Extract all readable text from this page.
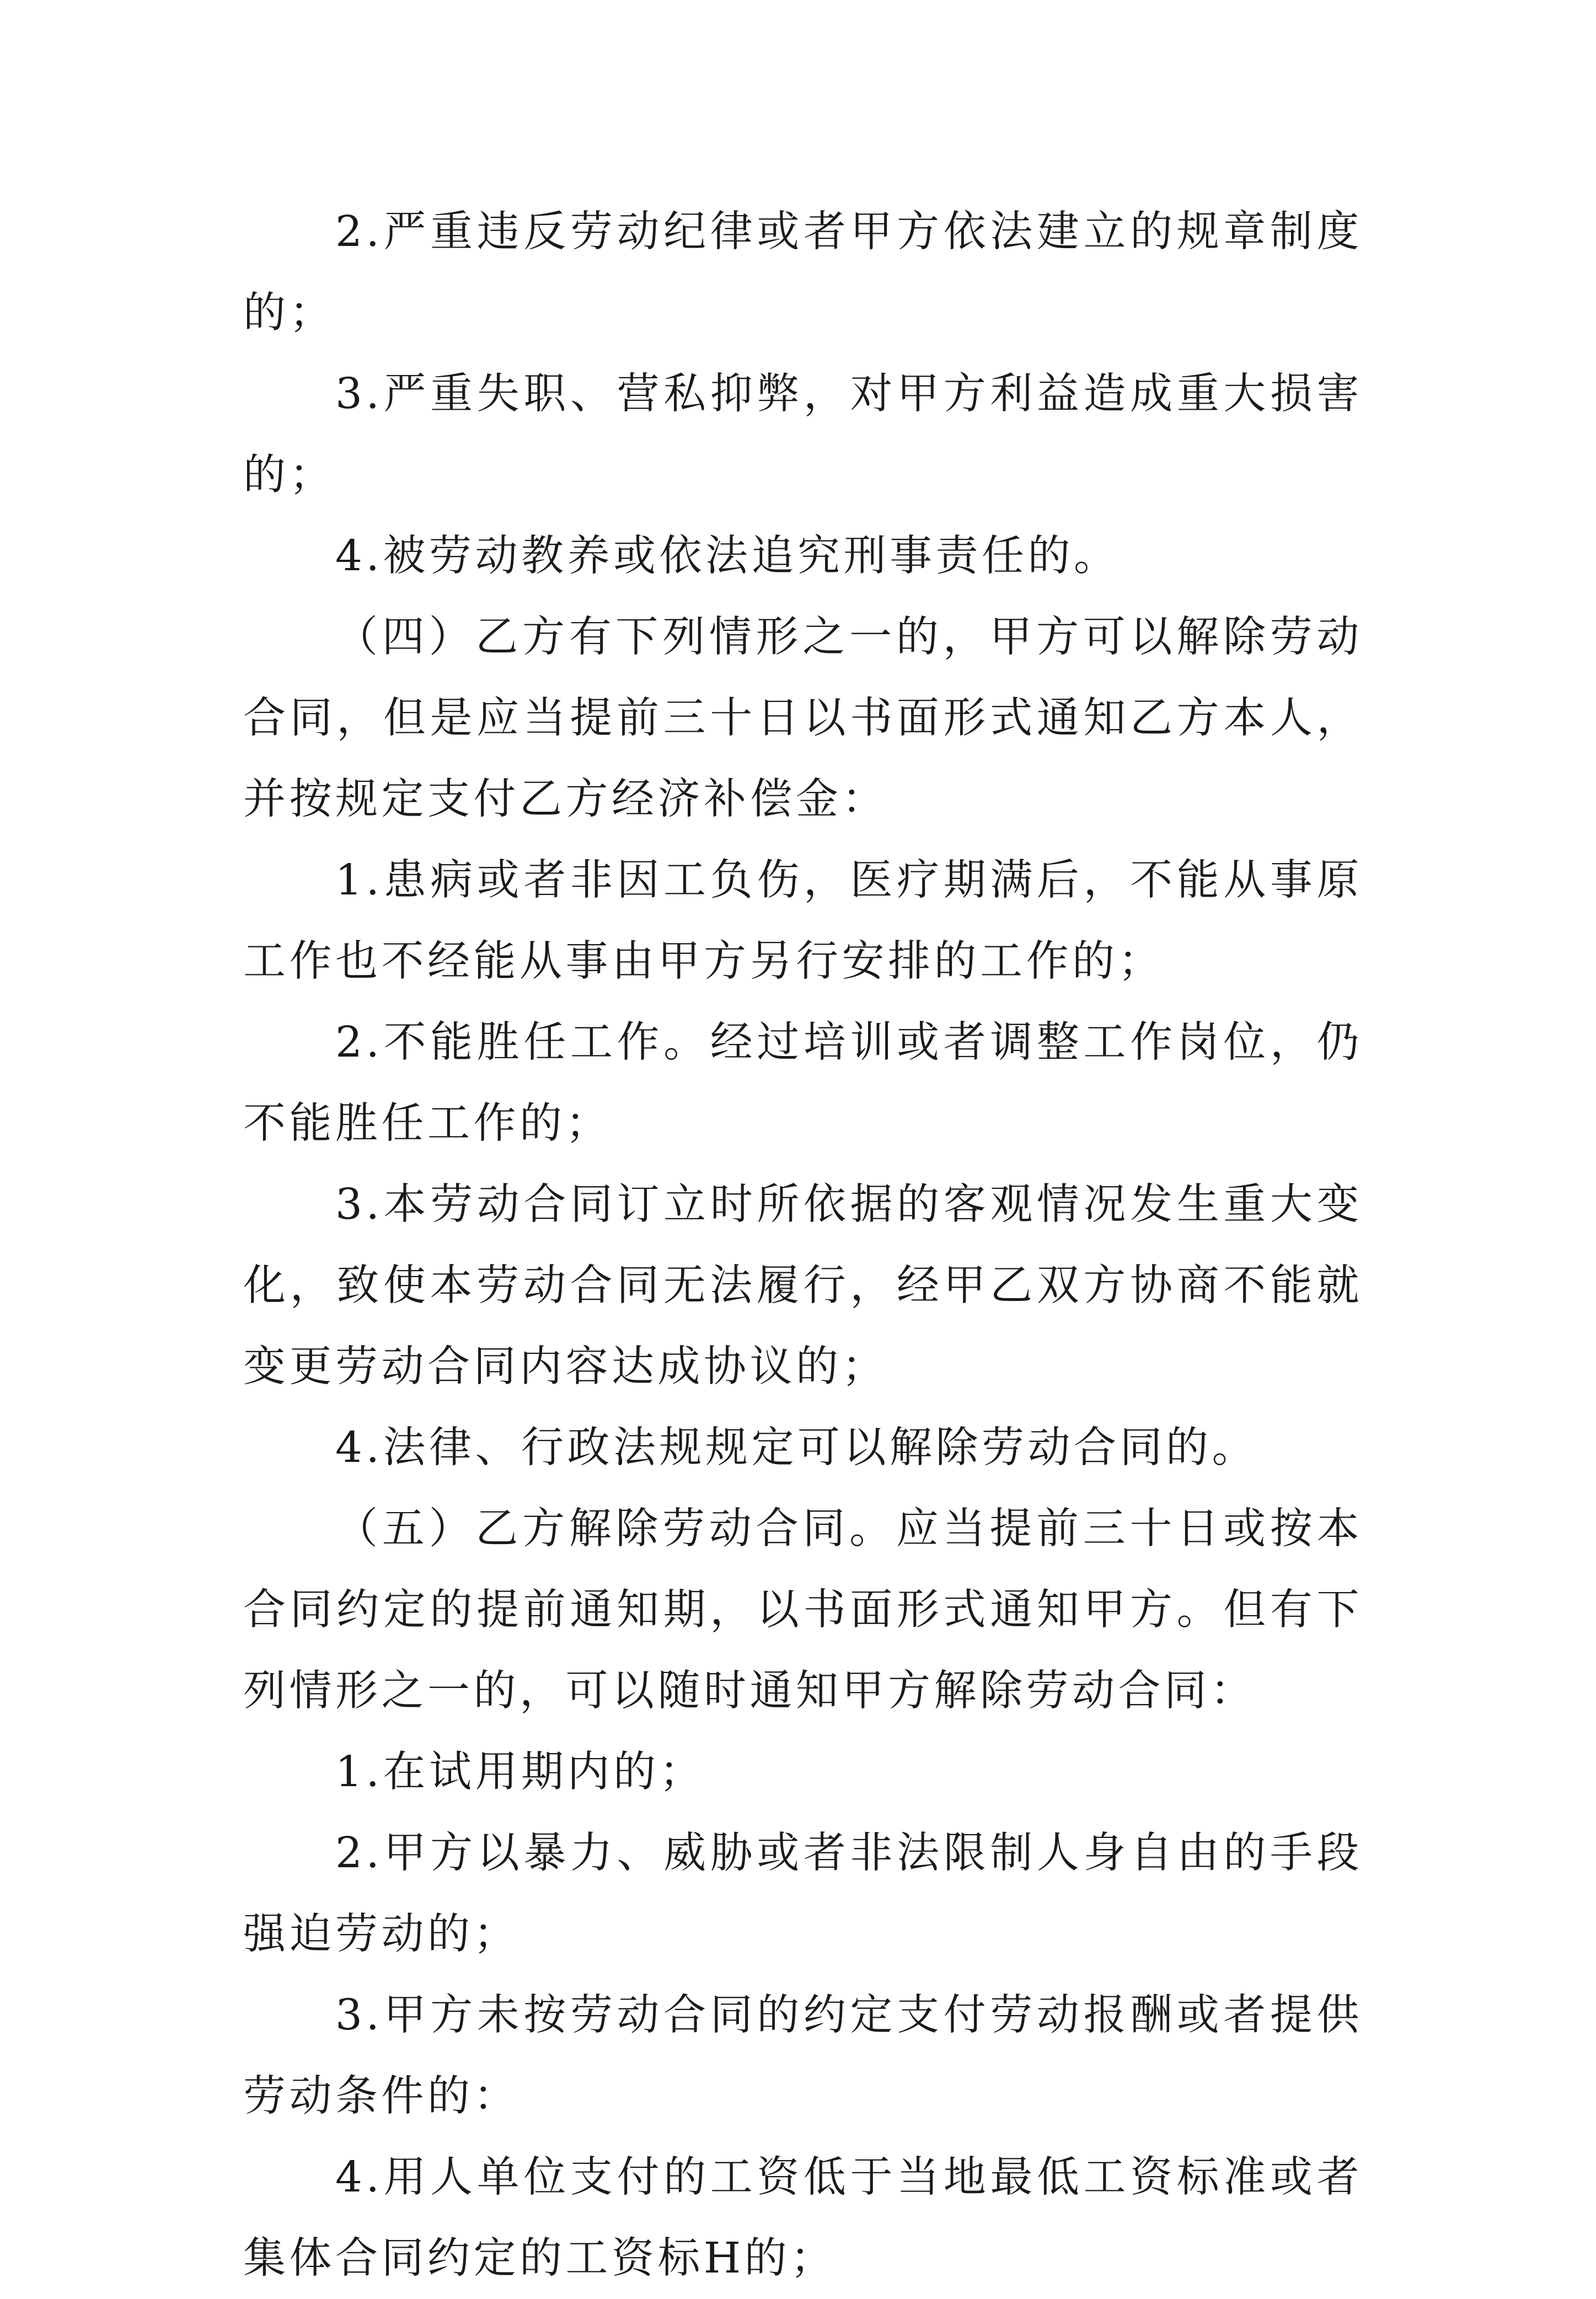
2.严重违反劳动纪律或者甲方依法建立的规章制度的；

3.严重失职、营私抑弊，对甲方利益造成重大损害的；

4.被劳动教养或依法追究刑事责任的。

（四）乙方有下列情形之一的，甲方可以解除劳动合同，但是应当提前三十日以书面形式通知乙方本人，并按规定支付乙方经济补偿金：

1.患病或者非因工负伤，医疗期满后，不能从事原工作也不经能从事由甲方另行安排的工作的；

2.不能胜任工作。经过培训或者调整工作岗位，仍不能胜任工作的；

3.本劳动合同订立时所依据的客观情况发生重大变化，致使本劳动合同无法履行，经甲乙双方协商不能就变更劳动合同内容达成协议的；

4.法律、行政法规规定可以解除劳动合同的。

（五）乙方解除劳动合同。应当提前三十日或按本合同约定的提前通知期，以书面形式通知甲方。但有下列情形之一的，可以随时通知甲方解除劳动合同：

1.在试用期内的；

2.甲方以暴力、威胁或者非法限制人身自由的手段强迫劳动的；

3.甲方未按劳动合同的约定支付劳动报酬或者提供劳动条件的：

4.用人单位支付的工资低于当地最低工资标准或者集体合同约定的工资标H的；
